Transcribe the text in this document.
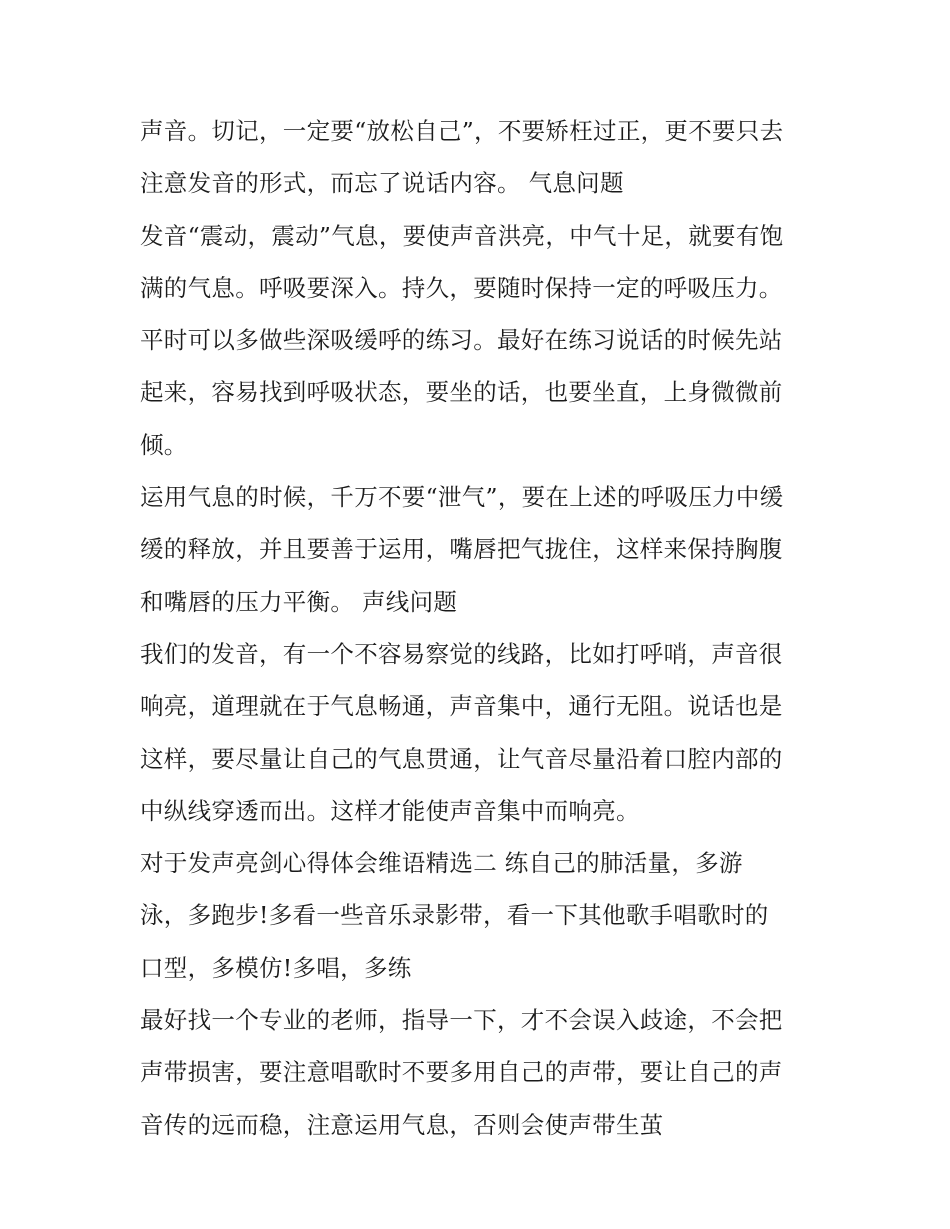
声音。切记，一定要“放松自己”，不要矫枉过正，更不要只去
注意发音的形式，而忘了说话内容。 气息问题
发音“震动，震动”气息，要使声音洪亮，中气十足，就要有饱
满的气息。呼吸要深入。持久，要随时保持一定的呼吸压力。
平时可以多做些深吸缓呼的练习。最好在练习说话的时候先站
起来，容易找到呼吸状态，要坐的话，也要坐直，上身微微前
倾。
运用气息的时候，千万不要“泄气”，要在上述的呼吸压力中缓
缓的释放，并且要善于运用，嘴唇把气拢住，这样来保持胸腹
和嘴唇的压力平衡。 声线问题
我们的发音，有一个不容易察觉的线路，比如打呼哨，声音很
响亮，道理就在于气息畅通，声音集中，通行无阻。说话也是
这样，要尽量让自己的气息贯通，让气音尽量沿着口腔内部的
中纵线穿透而出。这样才能使声音集中而响亮。
对于发声亮剑心得体会维语精选二 练自己的肺活量，多游
泳，多跑步!多看一些音乐录影带，看一下其他歌手唱歌时的
口型，多模仿!多唱，多练
最好找一个专业的老师，指导一下，才不会误入歧途，不会把
声带损害，要注意唱歌时不要多用自己的声带，要让自己的声
音传的远而稳，注意运用气息，否则会使声带生茧
